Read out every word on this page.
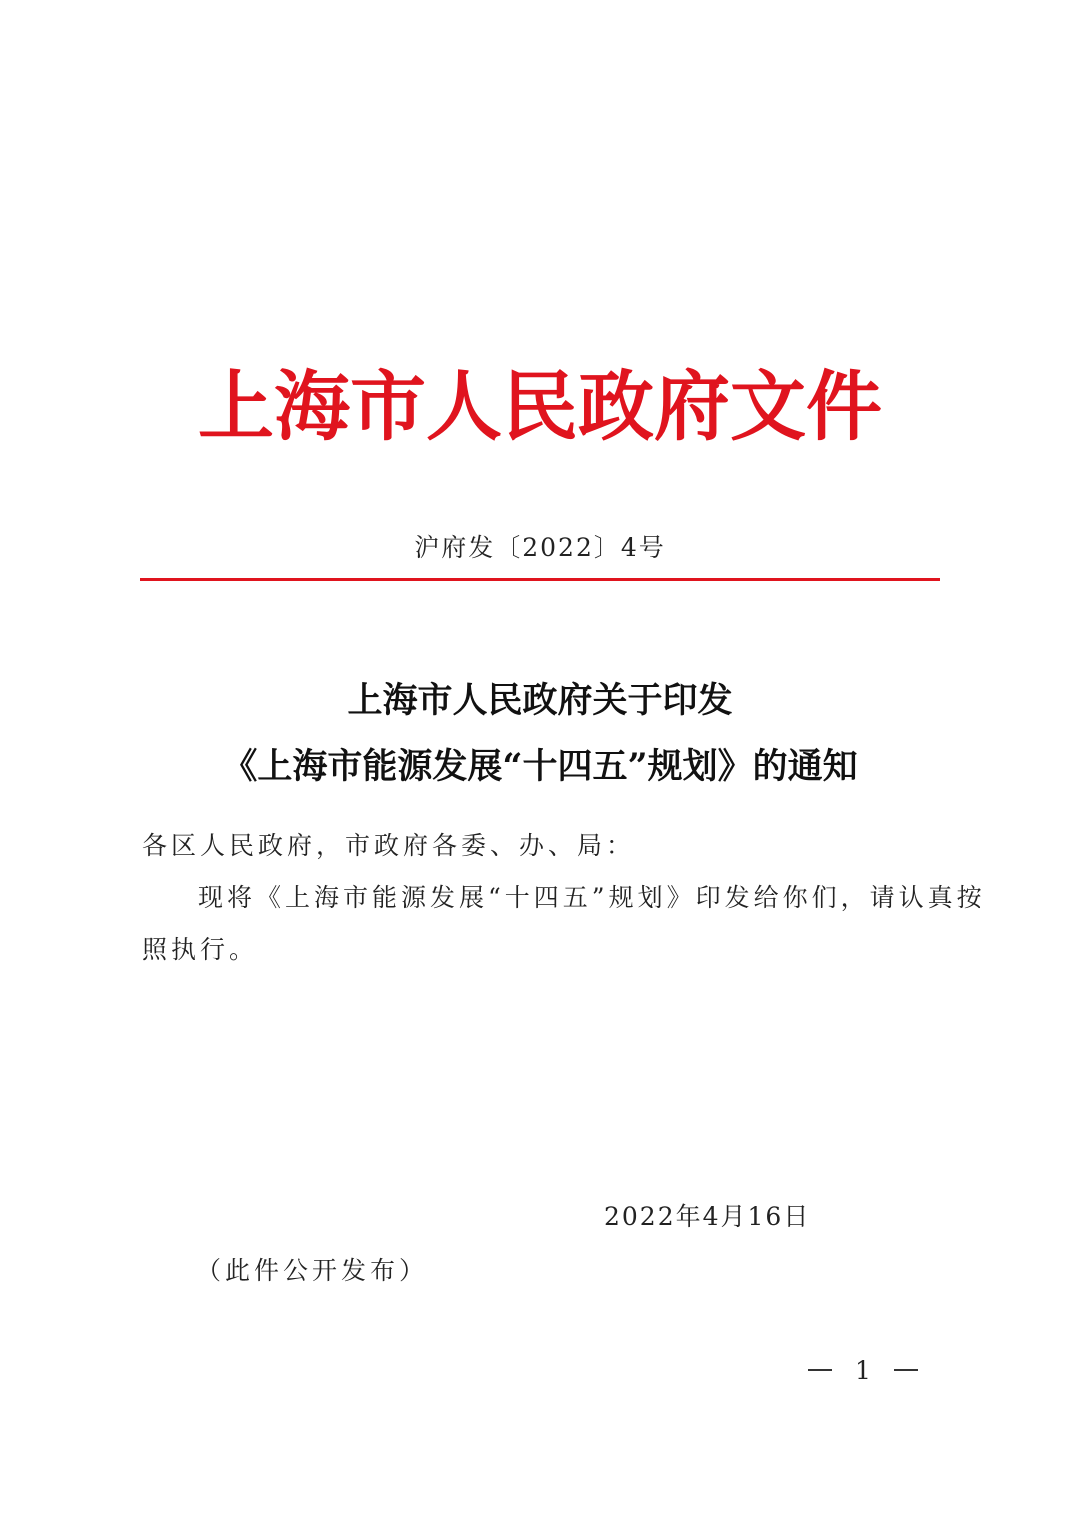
上海市人民政府文件
沪府发〔2022〕4号
上海市人民政府关于印发
《上海市能源发展“十四五”规划》的通知
各区人民政府，市政府各委、办、局：
现将《上海市能源发展“十四五”规划》印发给你们，请认真按
照执行。
2022年4月16日
（此件公开发布）
1
